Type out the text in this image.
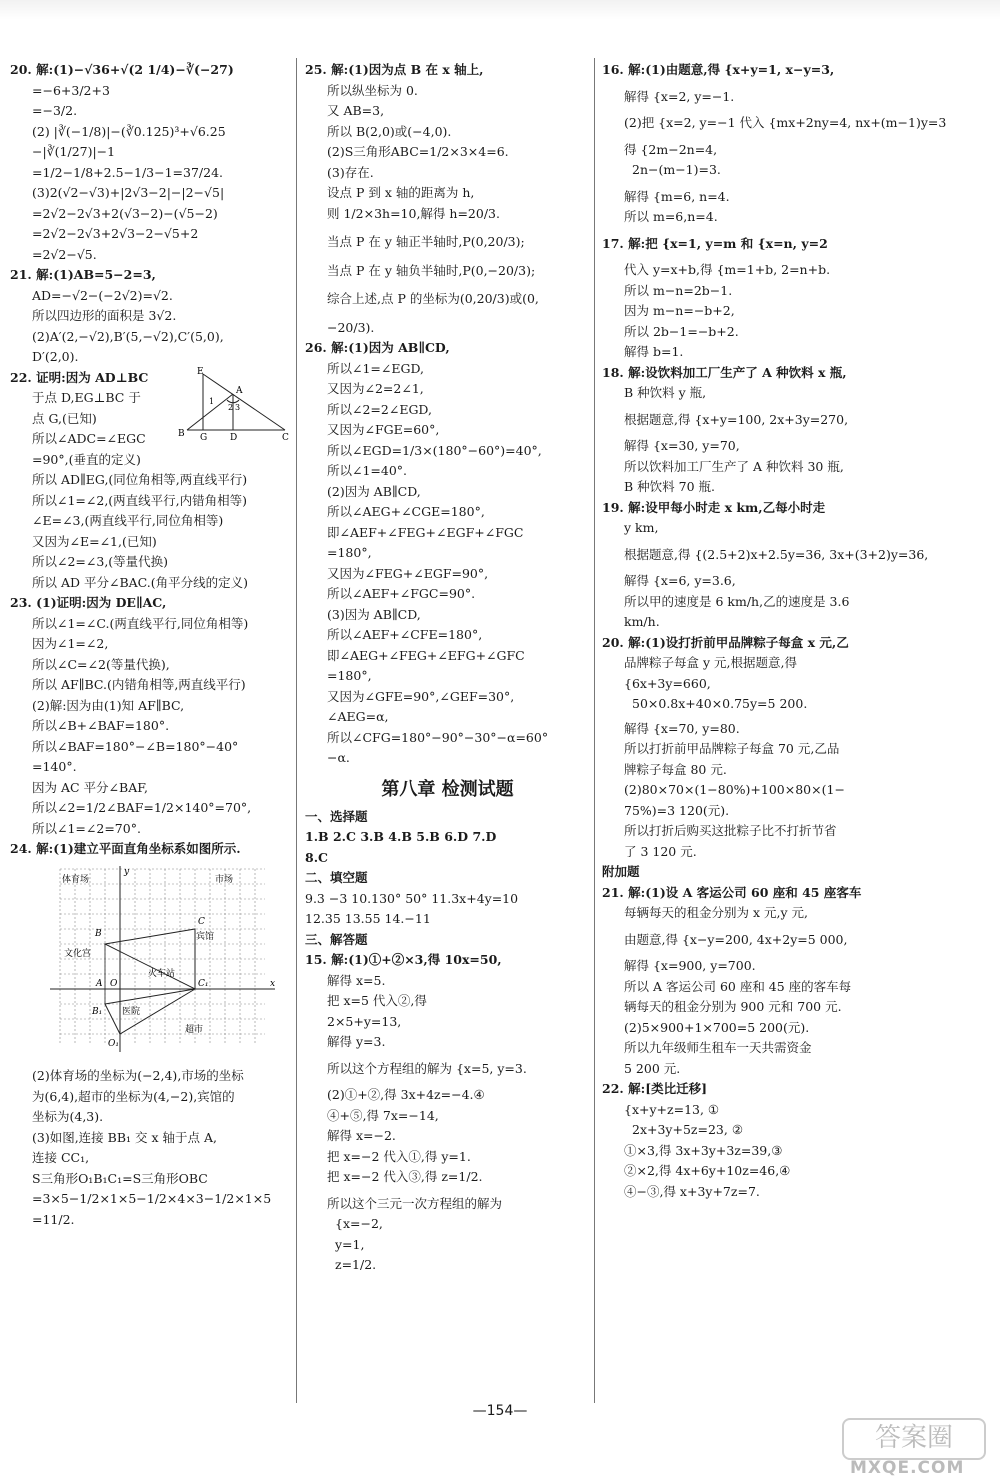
20. 解:(1)−√36+√(2 1/4)−∛(−27)
=−6+3/2+3
=−3/2.
(2) |∛(−1/8)|−(∛0.125)³+√6.25
−|∛(1/27)|−1
=1/2−1/8+2.5−1/3−1=37/24.
(3)2(√2−√3)+|2√3−2|−|2−√5|
=2√2−2√3+2(√3−2)−(√5−2)
=2√2−2√3+2√3−2−√5+2
=2√2−√5.
21. 解:(1)AB=5−2=3,
AD=−√2−(−2√2)=√2.
所以四边形的面积是 3√2.
(2)A′(2,−√2),B′(5,−√2),C′(5,0),
D′(2,0).
22. 证明:因为 AD⊥BC
于点 D,EG⊥BC 于
点 G,(已知)
所以∠ADC=∠EGC
E
A
B G	D	C
1
2 3
=90°,(垂直的定义)
所以 AD∥EG,(同位角相等,两直线平行)
所以∠1=∠2,(两直线平行,内错角相等)
∠E=∠3,(两直线平行,同位角相等)
又因为∠E=∠1,(已知)
所以∠2=∠3,(等量代换)
所以 AD 平分∠BAC.(角平分线的定义)
23. (1)证明:因为 DE∥AC,
所以∠1=∠C.(两直线平行,同位角相等)
因为∠1=∠2,
所以∠C=∠2(等量代换),
所以 AF∥BC.(内错角相等,两直线平行)
(2)解:因为由(1)知 AF∥BC,
所以∠B+∠BAF=180°.
所以∠BAF=180°−∠B=180°−40°
=140°.
因为 AC 平分∠BAF,
所以∠2=1/2∠BAF=1/2×140°=70°,
所以∠1=∠2=70°.
24. 解:(1)建立平面直角坐标系如图所示.
体育场	市场
文化宫
宾馆
火车站
医院
超市
B
C
A O	C₁
B₁
O₁
x
y
(2)体育场的坐标为(−2,4),市场的坐标
为(6,4),超市的坐标为(4,−2),宾馆的
坐标为(4,3).
(3)如图,连接 BB₁ 交 x 轴于点 A,
连接 CC₁,
S三角形O₁B₁C₁=S三角形OBC
=3×5−1/2×1×5−1/2×4×3−1/2×1×5
=11/2.
25. 解:(1)因为点 B 在 x 轴上,
所以纵坐标为 0.
又 AB=3,
所以 B(2,0)或(−4,0).
(2)S三角形ABC=1/2×3×4=6.
(3)存在.
设点 P 到 x 轴的距离为 h,
则 1/2×3h=10,解得 h=20/3.
当点 P 在 y 轴正半轴时,P(0,20/3);
当点 P 在 y 轴负半轴时,P(0,−20/3);
综合上述,点 P 的坐标为(0,20/3)或(0,
−20/3).
26. 解:(1)因为 AB∥CD,
所以∠1=∠EGD,
又因为∠2=2∠1,
所以∠2=2∠EGD,
又因为∠FGE=60°,
所以∠EGD=1/3×(180°−60°)=40°,
所以∠1=40°.
(2)因为 AB∥CD,
所以∠AEG+∠CGE=180°,
即∠AEF+∠FEG+∠EGF+∠FGC
=180°,
又因为∠FEG+∠EGF=90°,
所以∠AEF+∠FGC=90°.
(3)因为 AB∥CD,
所以∠AEF+∠CFE=180°,
即∠AEG+∠FEG+∠EFG+∠GFC
=180°,
又因为∠GFE=90°,∠GEF=30°,
∠AEG=α,
所以∠CFG=180°−90°−30°−α=60°
−α.
第八章 检测试题
一、选择题
1.B 2.C 3.B 4.B 5.B 6.D 7.D
8.C
二、填空题
9.3 −3 10.130° 50° 11.3x+4y=10
12.35 13.55 14.−11
三、解答题
15. 解:(1)①+②×3,得 10x=50,
解得 x=5.
把 x=5 代入②,得
2×5+y=13,
解得 y=3.
所以这个方程组的解为 {x=5, y=3.
(2)①+②,得 3x+4z=−4.④
④+⑤,得 7x=−14,
解得 x=−2.
把 x=−2 代入①,得 y=1.
把 x=−2 代入③,得 z=1/2.
所以这个三元一次方程组的解为
{x=−2,
y=1,
z=1/2.
16. 解:(1)由题意,得 {x+y=1, x−y=3,
解得 {x=2, y=−1.
(2)把 {x=2, y=−1 代入 {mx+2ny=4, nx+(m−1)y=3
得 {2m−2n=4,
2n−(m−1)=3.
解得 {m=6, n=4.
所以 m=6,n=4.
17. 解:把 {x=1, y=m 和 {x=n, y=2
代入 y=x+b,得 {m=1+b, 2=n+b.
所以 m−n=2b−1.
因为 m−n=−b+2,
所以 2b−1=−b+2.
解得 b=1.
18. 解:设饮料加工厂生产了 A 种饮料 x 瓶,
B 种饮料 y 瓶,
根据题意,得 {x+y=100, 2x+3y=270,
解得 {x=30, y=70,
所以饮料加工厂生产了 A 种饮料 30 瓶,
B 种饮料 70 瓶.
19. 解:设甲每小时走 x km,乙每小时走
y km,
根据题意,得 {(2.5+2)x+2.5y=36, 3x+(3+2)y=36,
解得 {x=6, y=3.6,
所以甲的速度是 6 km/h,乙的速度是 3.6
km/h.
20. 解:(1)设打折前甲品牌粽子每盒 x 元,乙
品牌粽子每盒 y 元,根据题意,得
{6x+3y=660,
50×0.8x+40×0.75y=5 200.
解得 {x=70, y=80.
所以打折前甲品牌粽子每盒 70 元,乙品
牌粽子每盒 80 元.
(2)80×70×(1−80%)+100×80×(1−
75%)=3 120(元).
所以打折后购买这批粽子比不打折节省
了 3 120 元.
附加题
21. 解:(1)设 A 客运公司 60 座和 45 座客车
每辆每天的租金分别为 x 元,y 元,
由题意,得 {x−y=200, 4x+2y=5 000,
解得 {x=900, y=700.
所以 A 客运公司 60 座和 45 座的客车每
辆每天的租金分别为 900 元和 700 元.
(2)5×900+1×700=5 200(元).
所以九年级师生租车一天共需资金
5 200 元.
22. 解:[类比迁移]
{x+y+z=13, ①
2x+3y+5z=23, ②
①×3,得 3x+3y+3z=39,③
②×2,得 4x+6y+10z=46,④
④−③,得 x+3y+7z=7.
—154—
答案圈
MXQE.COM
